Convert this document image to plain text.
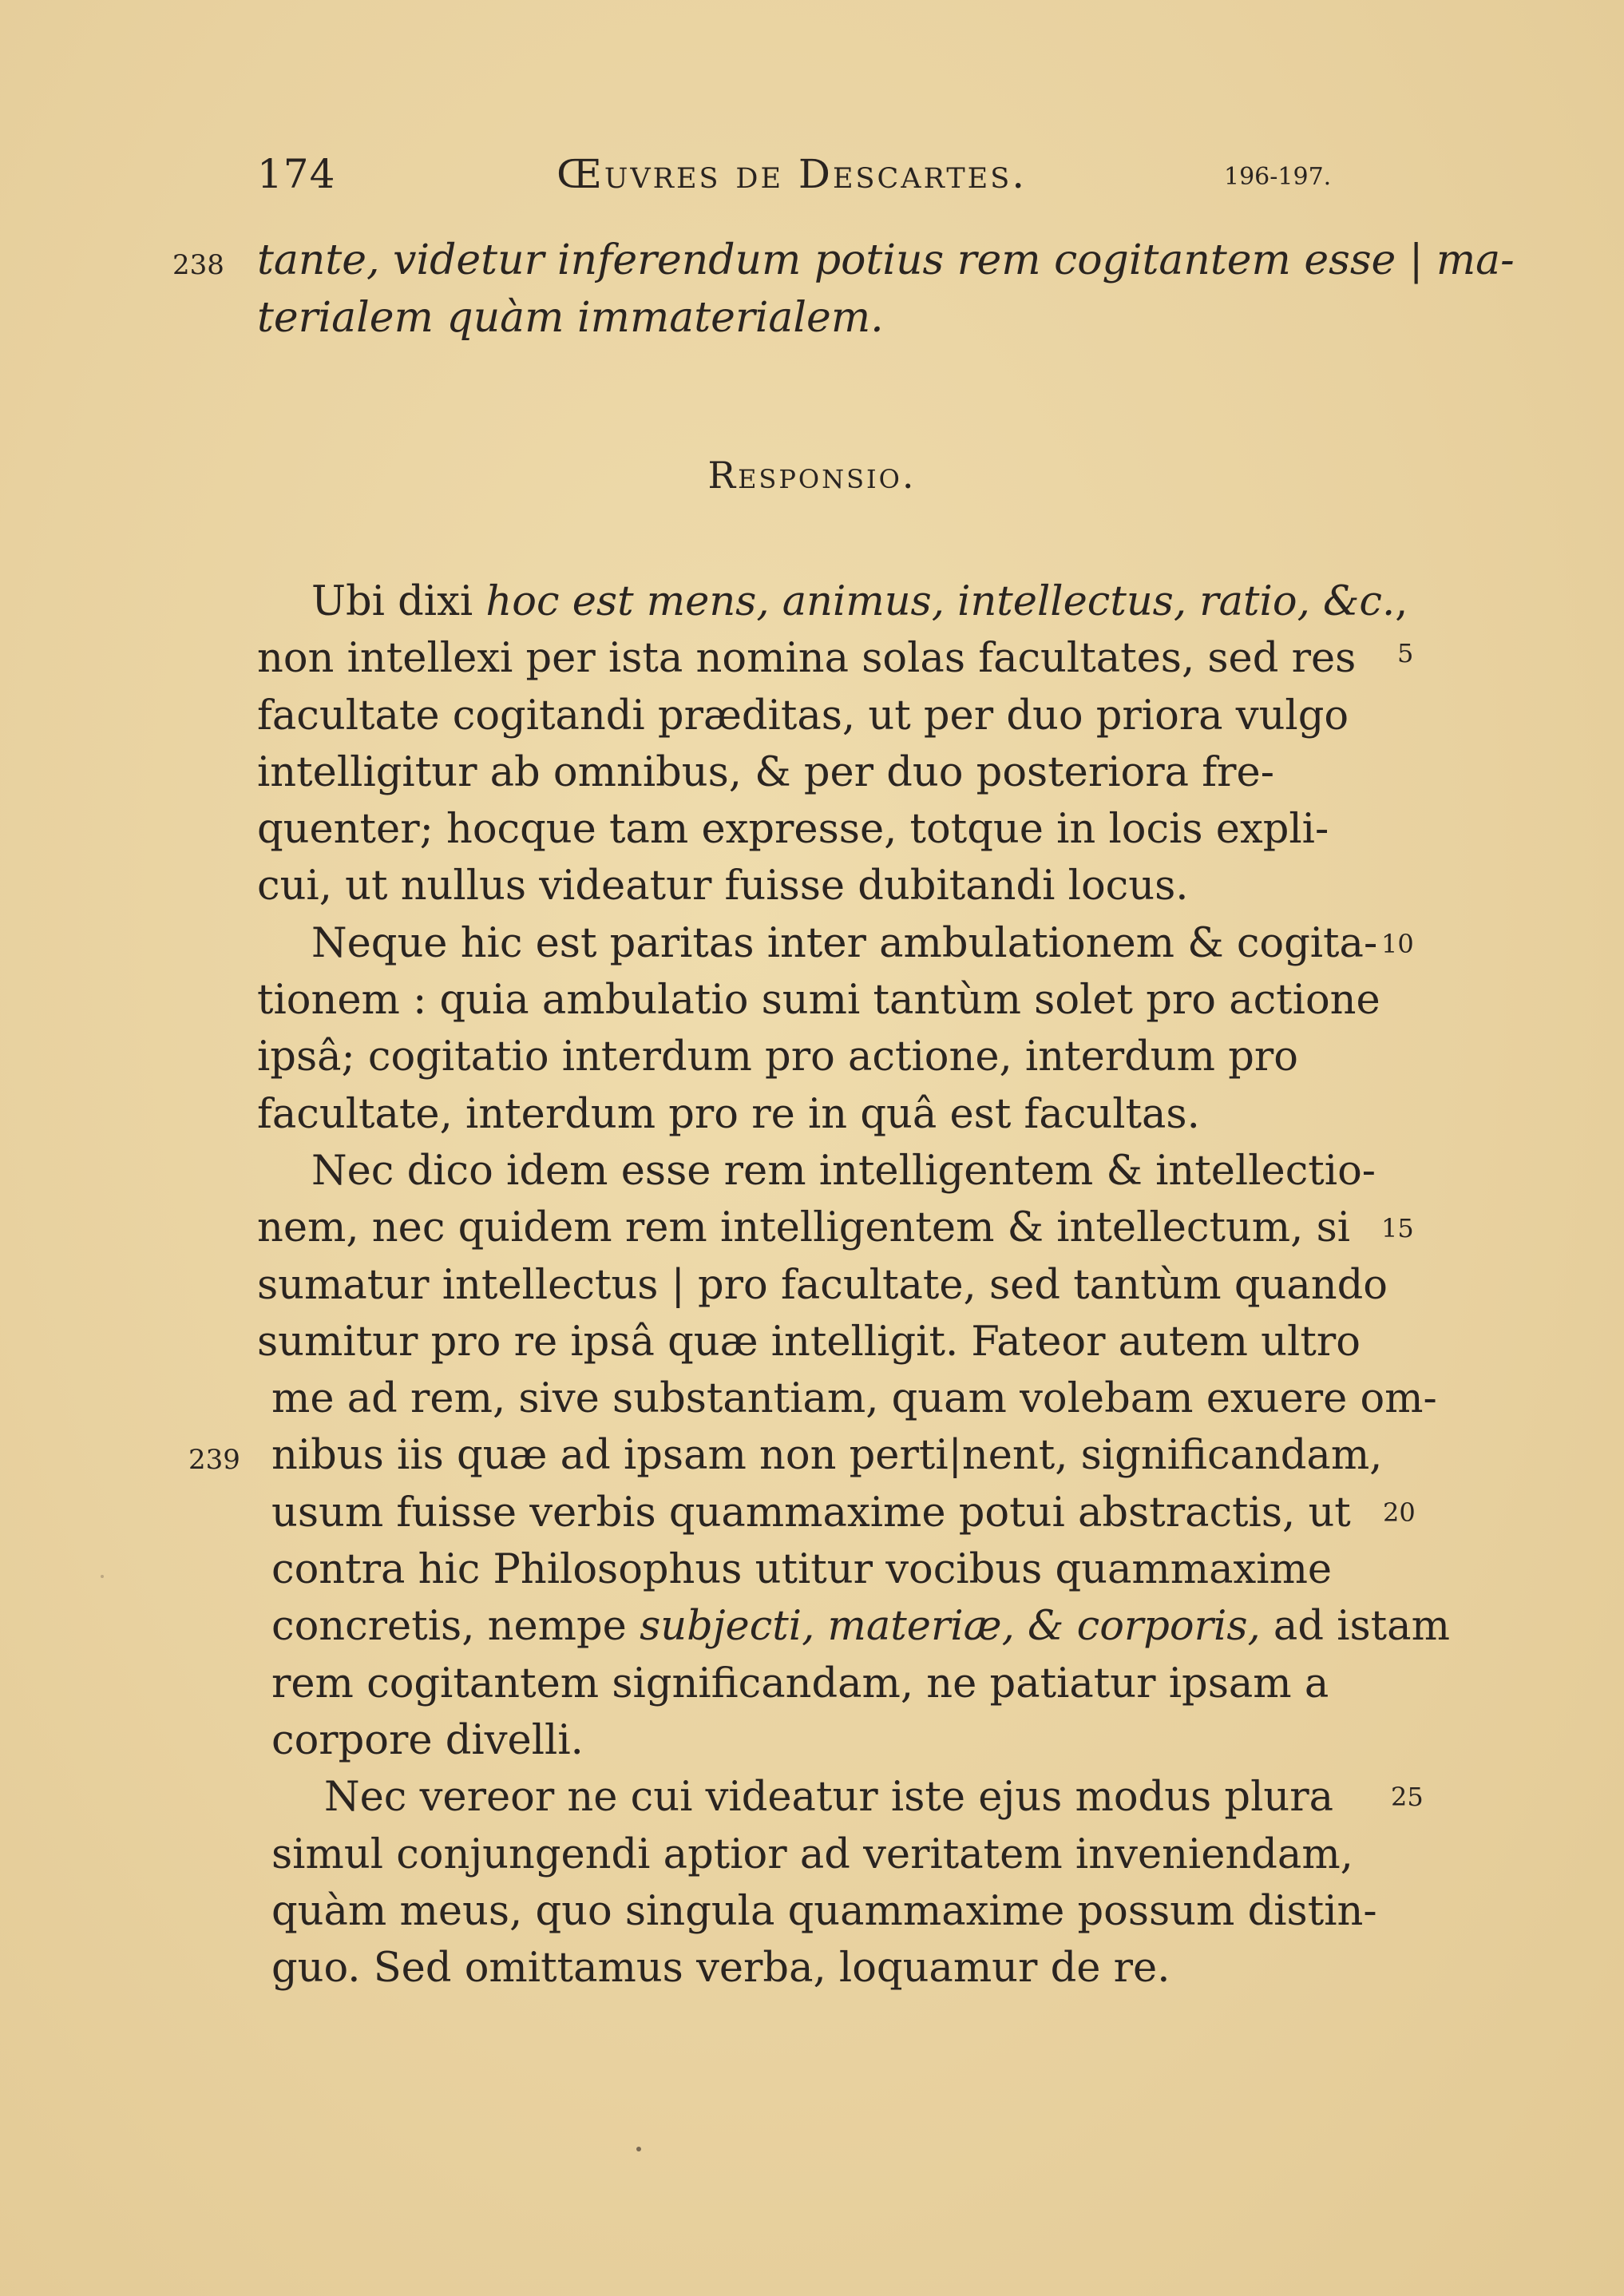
174	Œuvres de Descartes.	196-197.
238
239
tante, videtur inferendum potius rem cogitantem esse | ma-
terialem quàm immaterialem.
Responsio.
Ubi dixi hoc est mens, animus, intellectus, ratio, &c.,
non intellexi per ista nomina solas facultates, sed res
facultate cogitandi præditas, ut per duo priora vulgo
intelligitur ab omnibus, & per duo posteriora fre-
quenter; hocque tam expresse, totque in locis expli-
cui, ut nullus videatur fuisse dubitandi locus.
Neque hic est paritas inter ambulationem & cogita-
tionem : quia ambulatio sumi tantùm solet pro actione
ipsâ; cogitatio interdum pro actione, interdum pro
facultate, interdum pro re in quâ est facultas.
Nec dico idem esse rem intelligentem & intellectio-
nem, nec quidem rem intelligentem & intellectum, si
sumatur intellectus | pro facultate, sed tantùm quando
sumitur pro re ipsâ quæ intelligit. Fateor autem ultro
me ad rem, sive substantiam, quam volebam exuere om-
nibus iis quæ ad ipsam non perti|nent, significandam,
usum fuisse verbis quammaxime potui abstractis, ut
contra hic Philosophus utitur vocibus quammaxime
concretis, nempe subjecti, materiæ, & corporis, ad istam
rem cogitantem significandam, ne patiatur ipsam a
corpore divelli.
Nec vereor ne cui videatur iste ejus modus plura
simul conjungendi aptior ad veritatem inveniendam,
quàm meus, quo singula quammaxime possum distin-
guo. Sed omittamus verba, loquamur de re.
5
10
15
20
25
